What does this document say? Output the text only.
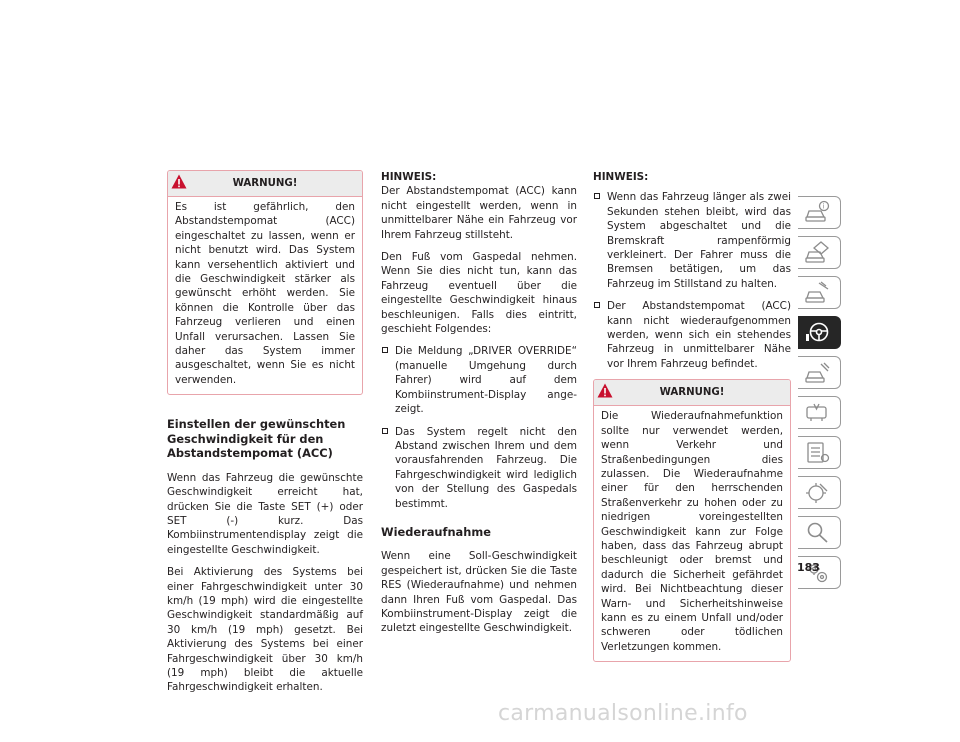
WARNUNG!
Es ist gefährlich, den Abstandstempomat (ACC) eingeschaltet zu lassen, wenn er nicht benutzt wird. Das System kann versehentlich aktiviert und die Geschwindigkeit stärker als gewünscht erhöht werden. Sie können die Kontrolle über das Fahrzeug verlieren und einen Unfall verursachen. Lassen Sie daher das System immer ausgeschaltet, wenn Sie es nicht verwenden.
Einstellen der gewünschten
Geschwindigkeit für den
Abstandstempomat (ACC)

Wenn das Fahrzeug die gewünschte Geschwindigkeit erreicht hat, drücken Sie die Taste SET (+) oder SET (-) kurz. Das Kombiinstrumentendisplay zeigt die eingestellte Geschwindigkeit.

Bei Aktivierung des Systems bei einer Fahrgeschwindigkeit unter 30 km/h (19 mph) wird die eingestellte Geschwindigkeit standardmäßig auf 30 km/h (19 mph) gesetzt. Bei Aktivierung des Systems bei einer Fahrgeschwindigkeit über 30 km/h (19 mph) bleibt die aktuelle Fahrgeschwindigkeit erhalten.

HINWEIS:

Der Abstandstempomat (ACC) kann nicht eingestellt werden, wenn in unmittelbarer Nähe ein Fahrzeug vor Ihrem Fahrzeug stillsteht.

Den Fuß vom Gaspedal nehmen. Wenn Sie dies nicht tun, kann das Fahrzeug eventuell über die eingestellte Geschwindigkeit hinaus beschleunigen. Falls dies eintritt, geschieht Folgendes:

Die Meldung „DRIVER OVERRIDE“ (manuelle Umgehung durch Fahrer) wird auf dem Kombiinstrument-Display angezeigt.
Das System regelt nicht den Abstand zwischen Ihrem und dem vorausfahrenden Fahrzeug. Die Fahrgeschwindigkeit wird lediglich von der Stellung des Gaspedals bestimmt.
Wiederaufnahme

Wenn eine Soll-Geschwindigkeit gespeichert ist, drücken Sie die Taste RES (Wiederaufnahme) und nehmen dann Ihren Fuß vom Gaspedal. Das Kombiinstrument-Display zeigt die zuletzt eingestellte Geschwindigkeit.

HINWEIS:

Wenn das Fahrzeug länger als zwei Sekunden stehen bleibt, wird das System abgeschaltet und die Bremskraft rampenförmig verkleinert. Der Fahrer muss die Bremsen betätigen, um das Fahrzeug im Stillstand zu halten.
Der Abstandstempomat (ACC) kann nicht wiederaufgenommen werden, wenn sich ein stehendes Fahrzeug in unmittelbarer Nähe vor Ihrem Fahrzeug befindet.
WARNUNG!
Die Wiederaufnahmefunktion sollte nur verwendet werden, wenn Verkehr und Straßenbedingungen dies zulassen. Die Wiederaufnahme einer für den herrschenden Straßenverkehr zu hohen oder zu niedrigen voreingestellten Geschwindigkeit kann zur Folge haben, dass das Fahrzeug abrupt beschleunigt oder bremst und dadurch die Sicherheit gefährdet wird. Bei Nichtbeachtung dieser Warn- und Sicherheitshinweise kann es zu einem Unfall und/oder schweren oder tödlichen Verletzungen kommen.
i
183
carmanualsonline.info
